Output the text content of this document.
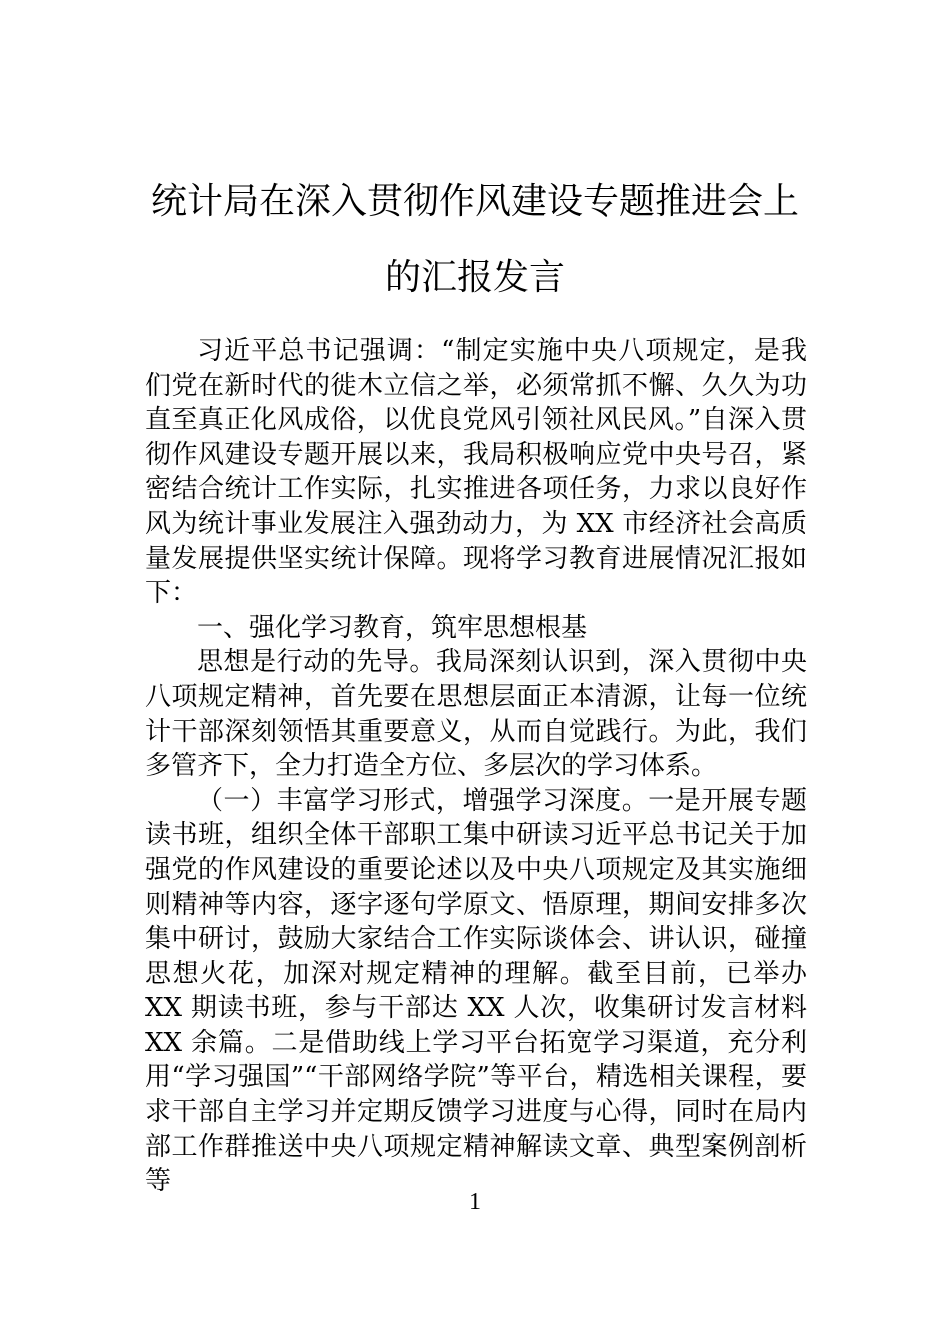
统计局在深入贯彻作风建设专题推进会上
的汇报发言

习近平总书记强调：“制定实施中央八项规定，是我们党在新时代的徙木立信之举，必须常抓不懈、久久为功直至真正化风成俗，以优良党风引领社风民风。”自深入贯彻作风建设专题开展以来，我局积极响应党中央号召，紧密结合统计工作实际，扎实推进各项任务，力求以良好作风为统计事业发展注入强劲动力，为 XX 市经济社会高质量发展提供坚实统计保障。现将学习教育进展情况汇报如下：

一、强化学习教育，筑牢思想根基

思想是行动的先导。我局深刻认识到，深入贯彻中央八项规定精神，首先要在思想层面正本清源，让每一位统计干部深刻领悟其重要意义，从而自觉践行。为此，我们多管齐下，全力打造全方位、多层次的学习体系。

（一）丰富学习形式，增强学习深度。一是开展专题读书班，组织全体干部职工集中研读习近平总书记关于加强党的作风建设的重要论述以及中央八项规定及其实施细则精神等内容，逐字逐句学原文、悟原理，期间安排多次集中研讨，鼓励大家结合工作实际谈体会、讲认识，碰撞思想火花，加深对规定精神的理解。截至目前，已举办 XX 期读书班，参与干部达 XX 人次，收集研讨发言材料 XX 余篇。二是借助线上学习平台拓宽学习渠道，充分利用“学习强国”“干部网络学院”等平台，精选相关课程，要求干部自主学习并定期反馈学习进度与心得，同时在局内部工作群推送中央八项规定精神解读文章、典型案例剖析等

1
